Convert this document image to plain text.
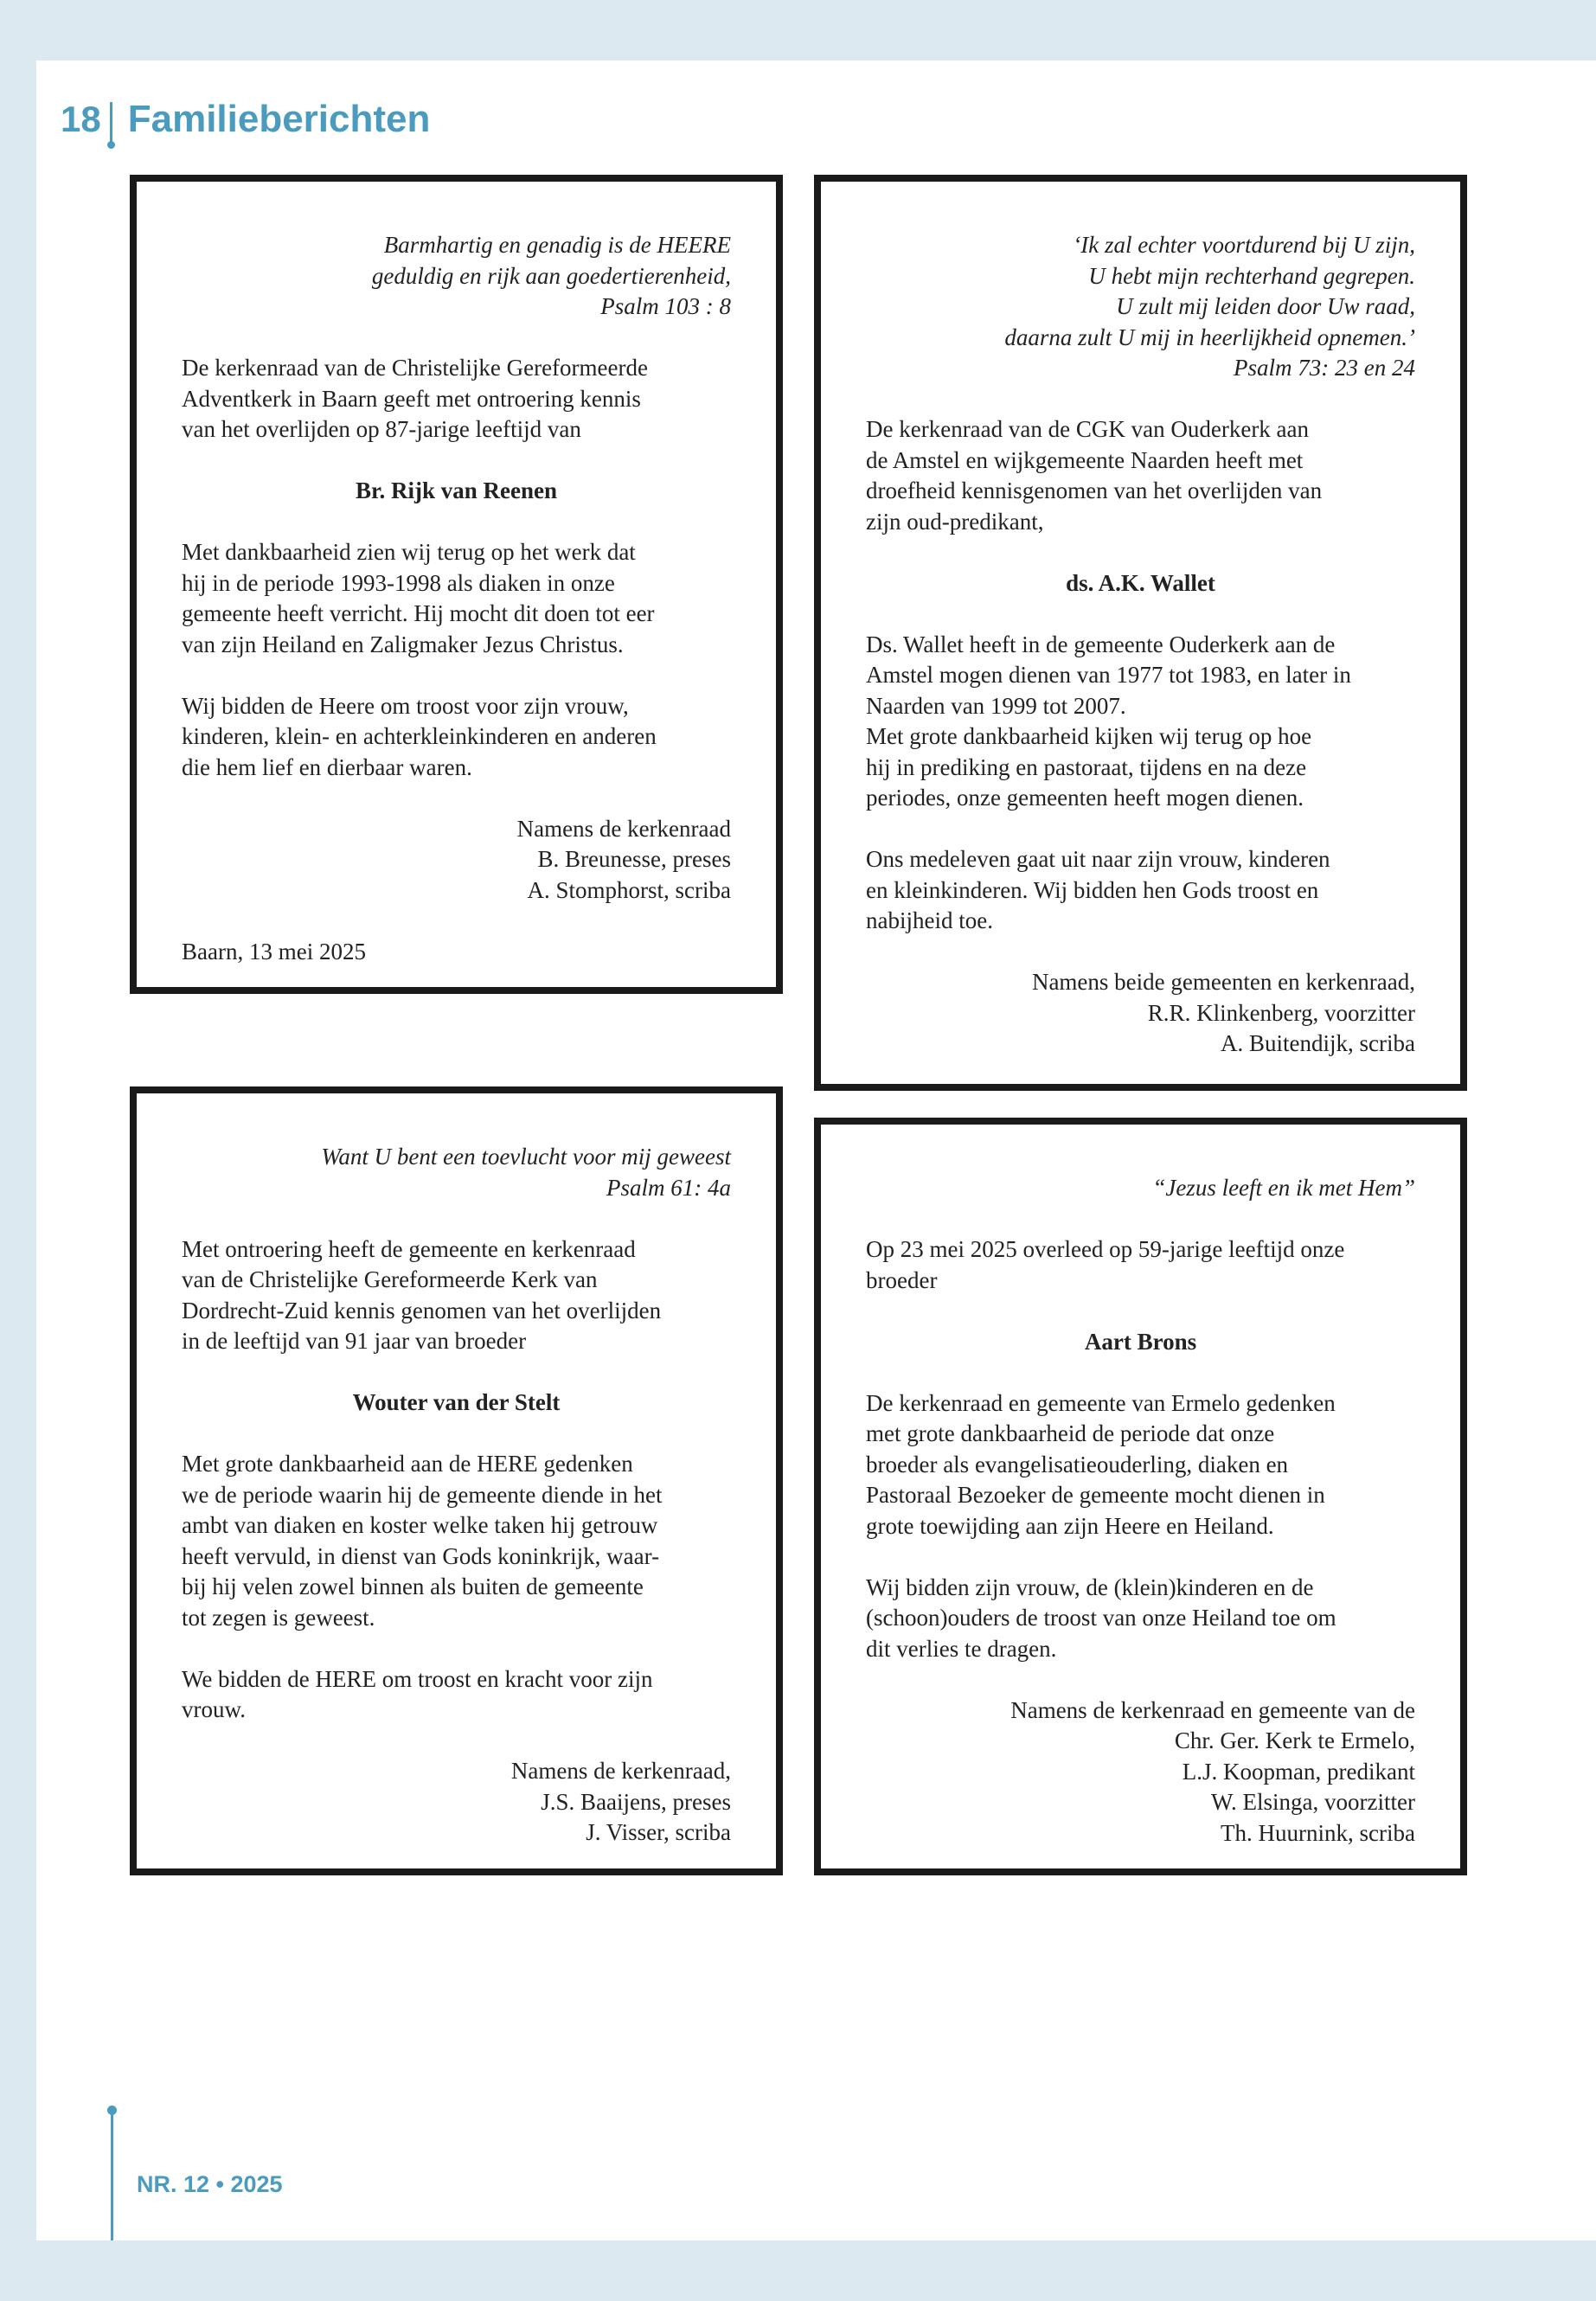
18 Familieberichten
Barmhartig en genadig is de HEERE
geduldig en rijk aan goedertierenheid,
Psalm 103 : 8
De kerkenraad van de Christelijke Gereformeerde
Adventkerk in Baarn geeft met ontroering kennis
van het overlijden op 87-jarige leeftijd van
Br. Rijk van Reenen
Met dankbaarheid zien wij terug op het werk dat
hij in de periode 1993-1998 als diaken in onze
gemeente heeft verricht. Hij mocht dit doen tot eer
van zijn Heiland en Zaligmaker Jezus Christus.
Wij bidden de Heere om troost voor zijn vrouw,
kinderen, klein- en achterkleinkinderen en anderen
die hem lief en dierbaar waren.
Namens de kerkenraad
B. Breunesse, preses
A. Stomphorst, scriba
Baarn, 13 mei 2025
‘Ik zal echter voortdurend bij U zijn,
U hebt mijn rechterhand gegrepen.
U zult mij leiden door Uw raad,
daarna zult U mij in heerlijkheid opnemen.’
Psalm 73: 23 en 24
De kerkenraad van de CGK van Ouderkerk aan
de Amstel en wijkgemeente Naarden heeft met
droefheid kennisgenomen van het overlijden van
zijn oud-predikant,
ds. A.K. Wallet
Ds. Wallet heeft in de gemeente Ouderkerk aan de
Amstel mogen dienen van 1977 tot 1983, en later in
Naarden van 1999 tot 2007.
Met grote dankbaarheid kijken wij terug op hoe
hij in prediking en pastoraat, tijdens en na deze
periodes, onze gemeenten heeft mogen dienen.
Ons medeleven gaat uit naar zijn vrouw, kinderen
en kleinkinderen. Wij bidden hen Gods troost en
nabijheid toe.
Namens beide gemeenten en kerkenraad,
R.R. Klinkenberg, voorzitter
A. Buitendijk, scriba
Want U bent een toevlucht voor mij geweest
Psalm 61: 4a
Met ontroering heeft de gemeente en kerkenraad
van de Christelijke Gereformeerde Kerk van
Dordrecht-Zuid kennis genomen van het overlijden
in de leeftijd van 91 jaar van broeder
Wouter van der Stelt
Met grote dankbaarheid aan de HERE gedenken
we de periode waarin hij de gemeente diende in het
ambt van diaken en koster welke taken hij getrouw
heeft vervuld, in dienst van Gods koninkrijk, waar-
bij hij velen zowel binnen als buiten de gemeente
tot zegen is geweest.
We bidden de HERE om troost en kracht voor zijn
vrouw.
Namens de kerkenraad,
J.S. Baaijens, preses
J. Visser, scriba
“Jezus leeft en ik met Hem”
Op 23 mei 2025 overleed op 59-jarige leeftijd onze
broeder
Aart Brons
De kerkenraad en gemeente van Ermelo gedenken
met grote dankbaarheid de periode dat onze
broeder als evangelisatieouderling, diaken en
Pastoraal Bezoeker de gemeente mocht dienen in
grote toewijding aan zijn Heere en Heiland.
Wij bidden zijn vrouw, de (klein)kinderen en de
(schoon)ouders de troost van onze Heiland toe om
dit verlies te dragen.
Namens de kerkenraad en gemeente van de
Chr. Ger. Kerk te Ermelo,
L.J. Koopman, predikant
W. Elsinga, voorzitter
Th. Huurnink, scriba
NR. 12 • 2025
